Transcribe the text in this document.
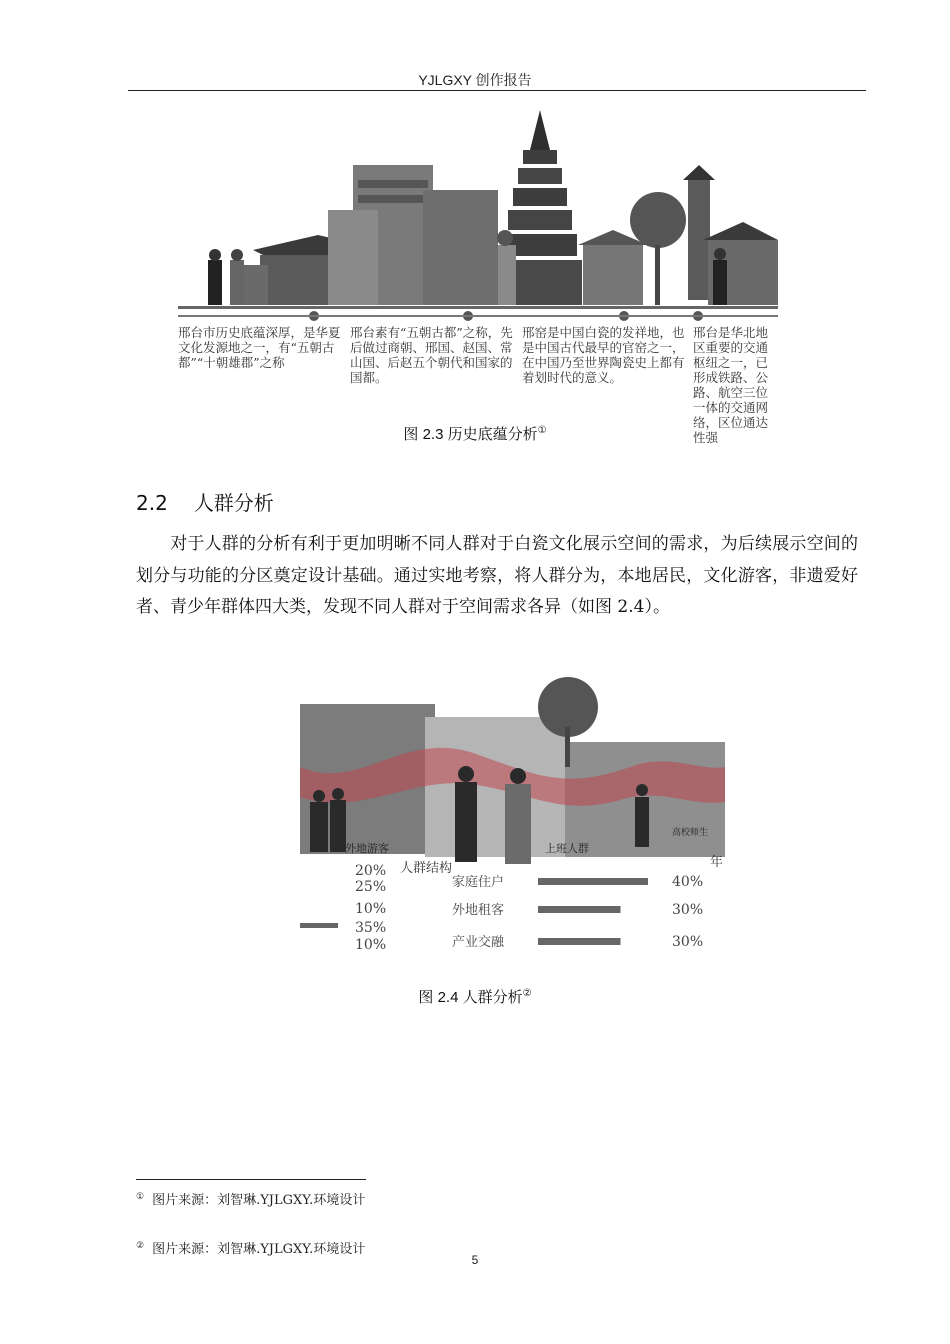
YJLGXY 创作报告
邢台市历史底蕴深厚，是华夏文化发源地之一，有“五朝古都”“十朝雄郡”之称
邢台素有“五朝古都”之称，先后做过商朝、邢国、赵国、常山国、后赵五个朝代和国家的国都。
邢窑是中国白瓷的发祥地，也是中国古代最早的官窑之一，在中国乃至世界陶瓷史上都有着划时代的意义。
邢台是华北地区重要的交通枢纽之一，已形成铁路、公路、航空三位一体的交通网络，区位通达性强
图 2.3 历史底蕴分析①
2.2 人群分析
对于人群的分析有利于更加明晰不同人群对于白瓷文化展示空间的需求，为后续展示空间的划分与功能的分区奠定设计基础。通过实地考察，将人群分为，本地居民，文化游客，非遗爱好者、青少年群体四大类，发现不同人群对于空间需求各异（如图 2.4）。
外地游客	上班人群
高校师生
人群结构	年
20%
25%
10%
35%
10%
家庭住户	40%
外地租客	30%
产业交融	30%
图 2.4 人群分析②
① 图片来源：刘智琳.YJLGXY.环境设计
② 图片来源：刘智琳.YJLGXY.环境设计
5
